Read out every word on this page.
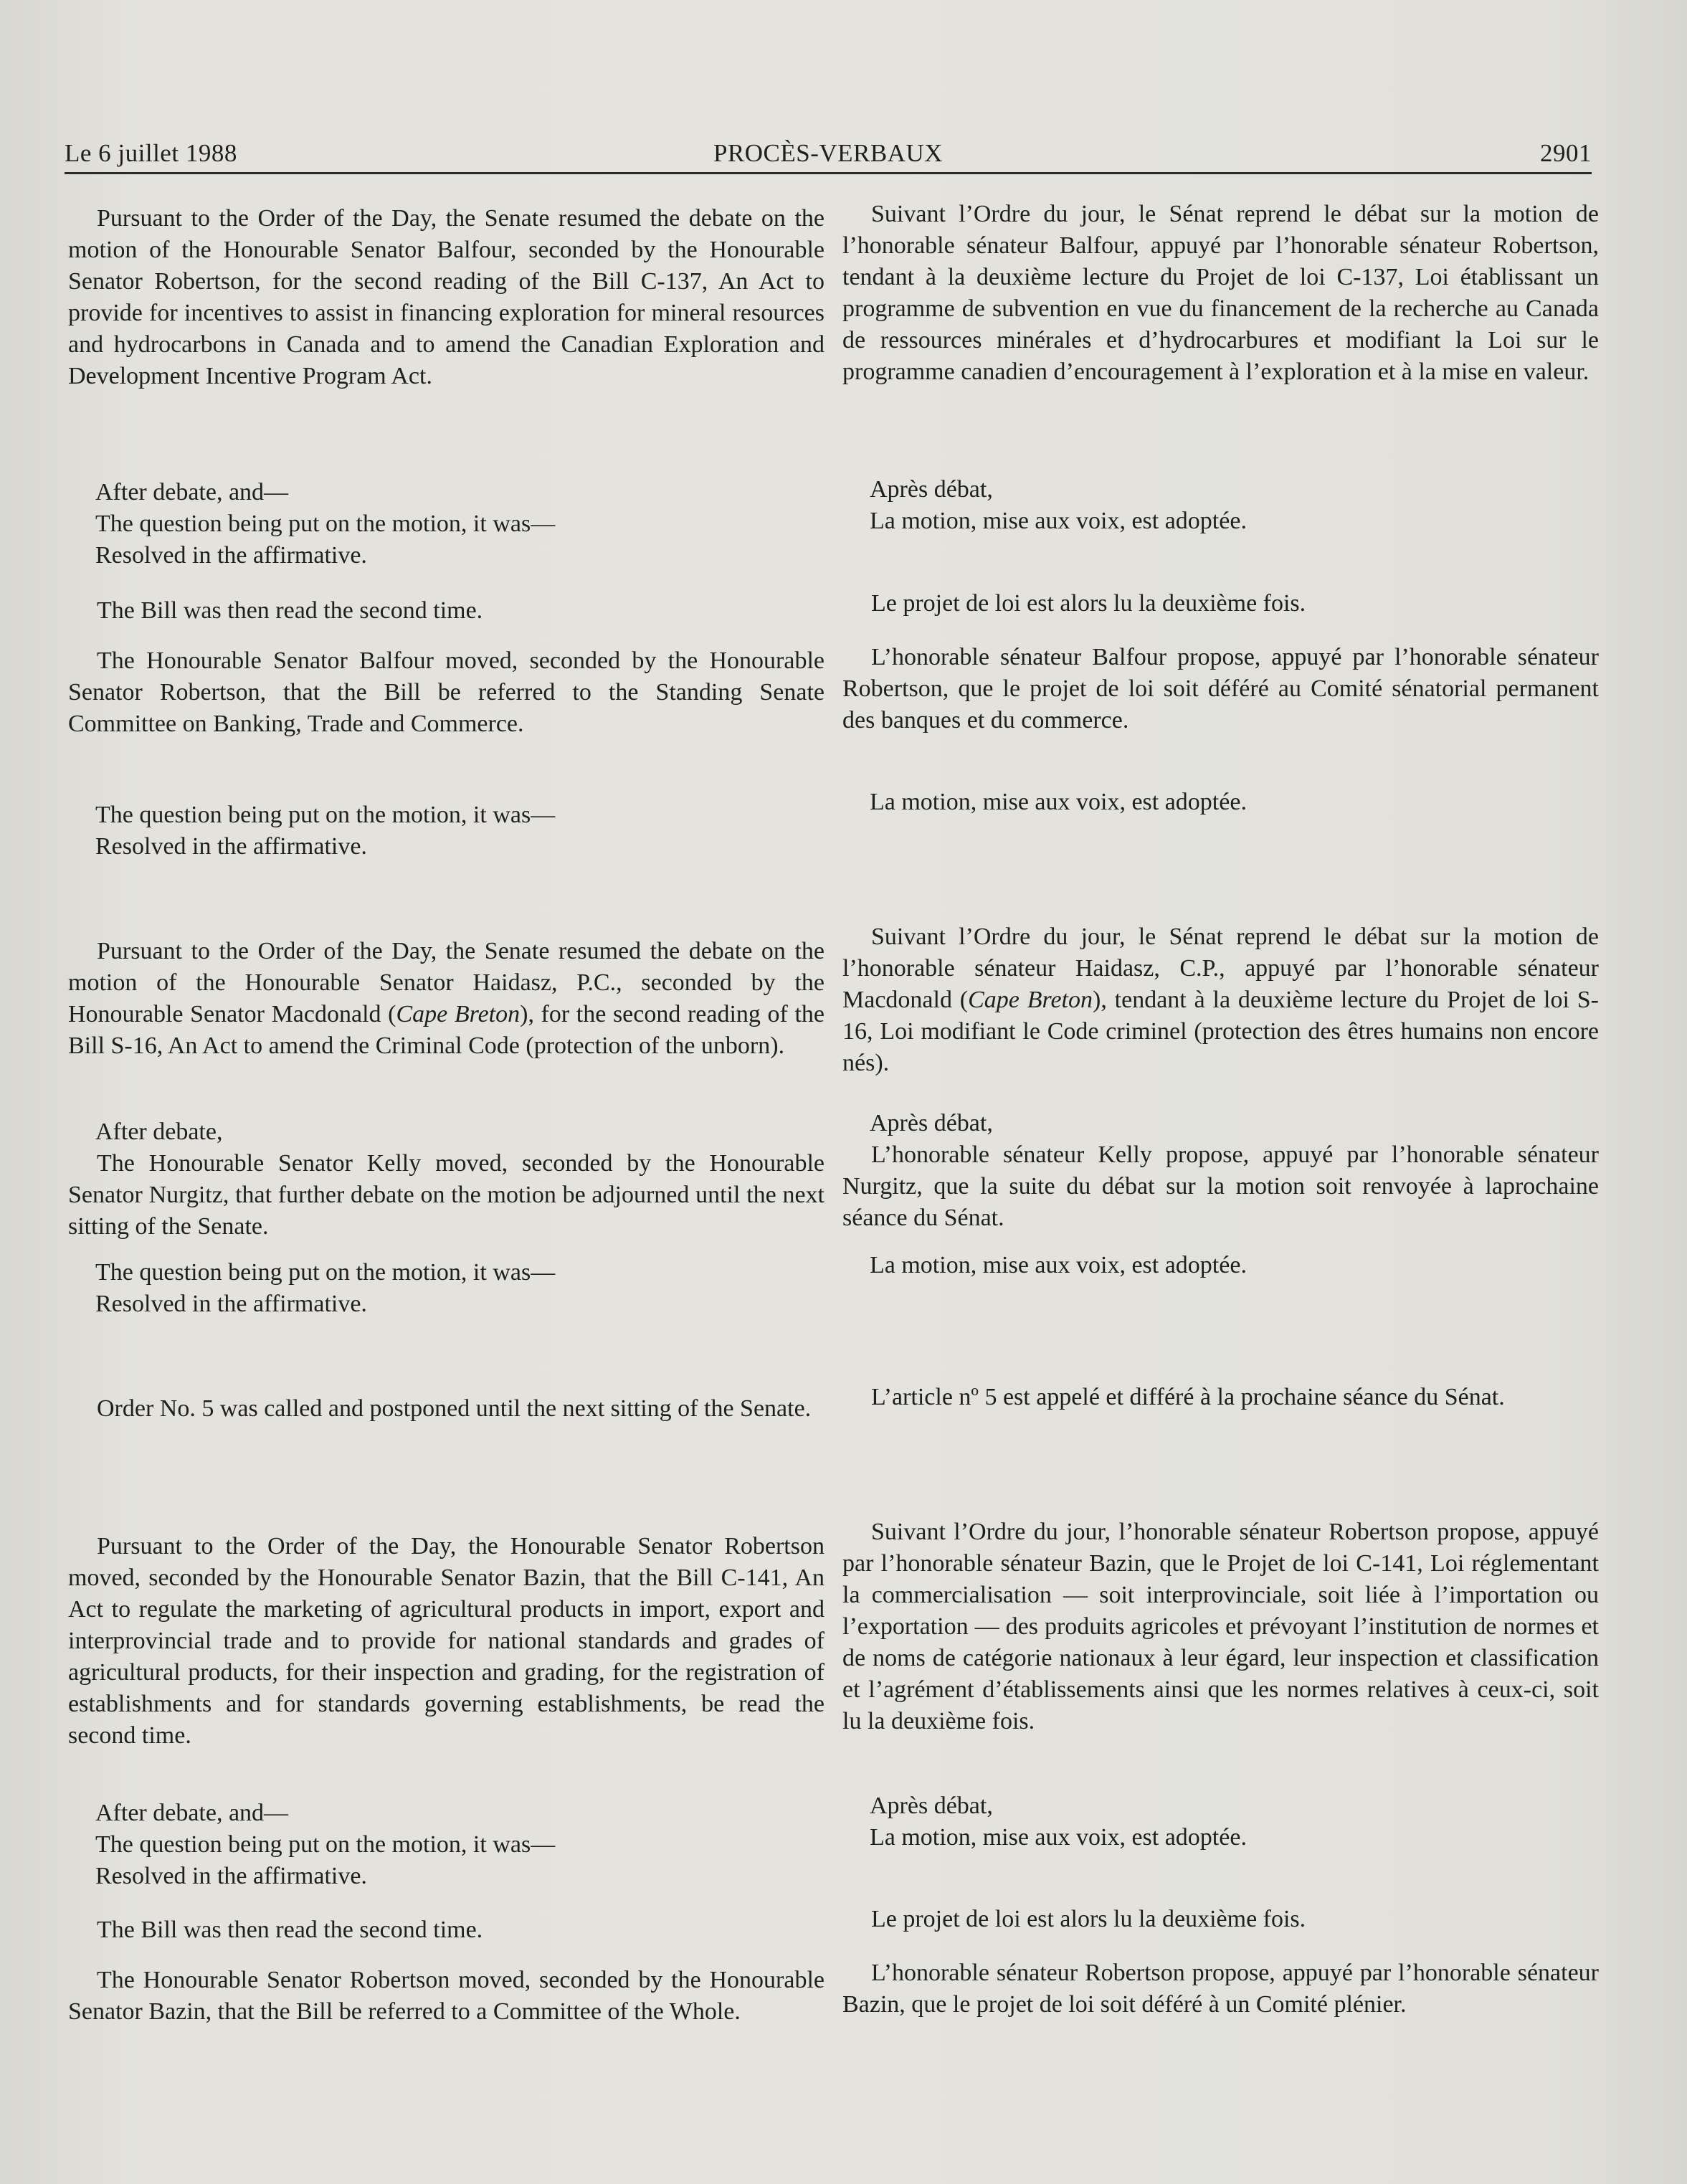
Le 6 juillet 1988	PROCÈS-VERBAUX	2901

Pursuant to the Order of the Day, the Senate resumed the debate on the motion of the Honourable Senator Balfour, seconded by the Honourable Senator Robertson, for the second reading of the Bill C-137, An Act to provide for incentives to assist in financing exploration for mineral resources and hydrocarbons in Canada and to amend the Canadian Exploration and Development Incentive Program Act.

After debate, and—
The question being put on the motion, it was—
Resolved in the affirmative.

The Bill was then read the second time.

The Honourable Senator Balfour moved, seconded by the Honourable Senator Robertson, that the Bill be referred to the Standing Senate Committee on Banking, Trade and Commerce.

The question being put on the motion, it was—
Resolved in the affirmative.

Pursuant to the Order of the Day, the Senate resumed the debate on the motion of the Honourable Senator Haidasz, P.C., seconded by the Honourable Senator Macdonald (Cape Breton), for the second reading of the Bill S-16, An Act to amend the Criminal Code (protection of the unborn).

After debate,

The Honourable Senator Kelly moved, seconded by the Honourable Senator Nurgitz, that further debate on the motion be adjourned until the next sitting of the Senate.

The question being put on the motion, it was—
Resolved in the affirmative.

Order No. 5 was called and postponed until the next sitting of the Senate.

Pursuant to the Order of the Day, the Honourable Senator Robertson moved, seconded by the Honourable Senator Bazin, that the Bill C-141, An Act to regulate the marketing of agricultural products in import, export and interprovincial trade and to provide for national standards and grades of agricultural products, for their inspection and grading, for the registration of establishments and for standards governing establishments, be read the second time.

After debate, and—
The question being put on the motion, it was—
Resolved in the affirmative.

The Bill was then read the second time.

The Honourable Senator Robertson moved, seconded by the Honourable Senator Bazin, that the Bill be referred to a Committee of the Whole.

Suivant l’Ordre du jour, le Sénat reprend le débat sur la motion de l’honorable sénateur Balfour, appuyé par l’honorable sénateur Robertson, tendant à la deuxième lecture du Projet de loi C-137, Loi établissant un programme de subvention en vue du financement de la recherche au Canada de ressources minérales et d’hydrocarbures et modifiant la Loi sur le programme canadien d’encouragement à l’exploration et à la mise en valeur.

Après débat,
La motion, mise aux voix, est adoptée.

Le projet de loi est alors lu la deuxième fois.

L’honorable sénateur Balfour propose, appuyé par l’honorable sénateur Robertson, que le projet de loi soit déféré au Comité sénatorial permanent des banques et du commerce.

La motion, mise aux voix, est adoptée.

Suivant l’Ordre du jour, le Sénat reprend le débat sur la motion de l’honorable sénateur Haidasz, C.P., appuyé par l’honorable sénateur Macdonald (Cape Breton), tendant à la deuxième lecture du Projet de loi S-16, Loi modifiant le Code criminel (protection des êtres humains non encore nés).

Après débat,

L’honorable sénateur Kelly propose, appuyé par l’honorable sénateur Nurgitz, que la suite du débat sur la motion soit renvoyée à laprochaine séance du Sénat.

La motion, mise aux voix, est adoptée.

L’article nº 5 est appelé et différé à la prochaine séance du Sénat.

Suivant l’Ordre du jour, l’honorable sénateur Robertson propose, appuyé par l’honorable sénateur Bazin, que le Projet de loi C-141, Loi réglementant la commercialisation — soit interprovinciale, soit liée à l’importation ou l’exportation — des produits agricoles et prévoyant l’institution de normes et de noms de catégorie nationaux à leur égard, leur inspection et classification et l’agrément d’établissements ainsi que les normes relatives à ceux-ci, soit lu la deuxième fois.

Après débat,
La motion, mise aux voix, est adoptée.

Le projet de loi est alors lu la deuxième fois.

L’honorable sénateur Robertson propose, appuyé par l’honorable sénateur Bazin, que le projet de loi soit déféré à un Comité plénier.
